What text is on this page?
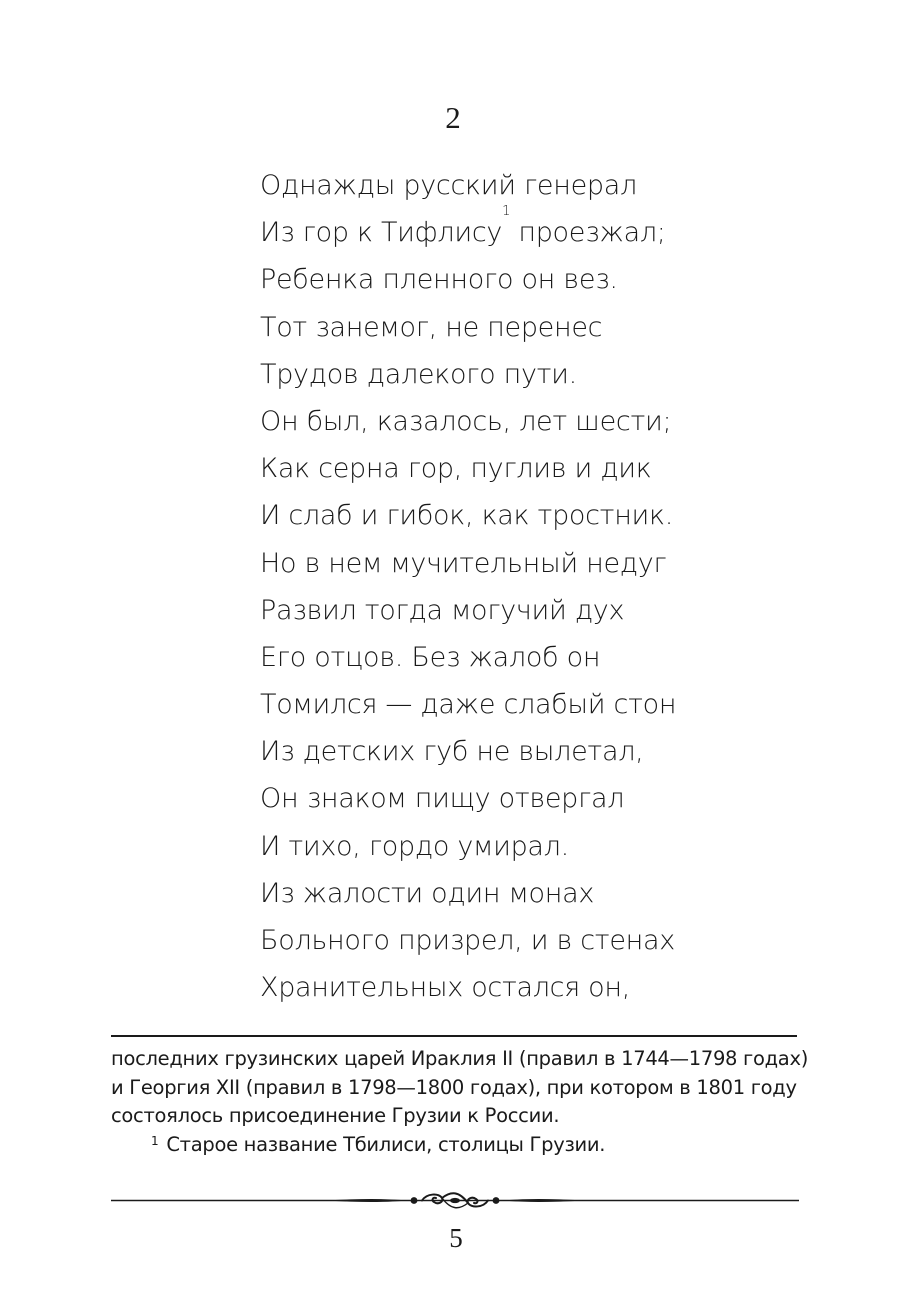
2
Однажды русский генерал
Из гор к Тифлису$^1$ проезжал;
Ребенка пленного он вез.
Тот занемог, не перенес
Трудов далекого пути.
Он был, казалось, лет шести;
Как серна гор, пуглив и дик
И слаб и гибок, как тростник.
Но в нем мучительный недуг
Развил тогда могучий дух
Его отцов. Без жалоб он
Томился — даже слабый стон
Из детских губ не вылетал,
Он знаком пищу отвергал
И тихо, гордо умирал.
Из жалости один монах
Больного призрел, и в стенах
Хранительных остался он,
последних грузинских царей Ираклия II (правил в 1744—1798 годах)
и Георгия XII (правил в 1798—1800 годах), при котором в 1801 году
состоялось присоединение Грузии к России.
$^1$ Старое название Тбилиси, столицы Грузии.
5
